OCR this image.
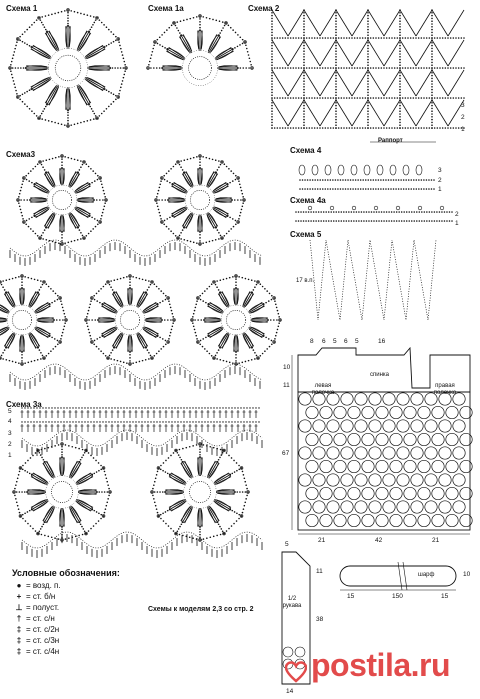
Схема 1	Схема 1а	Схема 2
Схема3
Схема 3а
Схема 4
Схема 4а
Схема 5
Раппорт
17 в.п.
Схемы к моделям 2,3 со стр. 2
3
2
1
3
2
1
2
1
5
4
3
2
1
8 6 5 6 5	16
10
11
67
21	42	21
спинка
левая полочка
правая полочка
5
11
38
14
1/2 рукава
шарф
15	150	15
10
Условные обозначения:
● = возд. п.
+ = ст. б/н
⊥ = полуст.
† = ст. с/н
‡ = ст. с/2н
‡ = ст. с/3н
‡ = ст. с/4н	postila.ru
